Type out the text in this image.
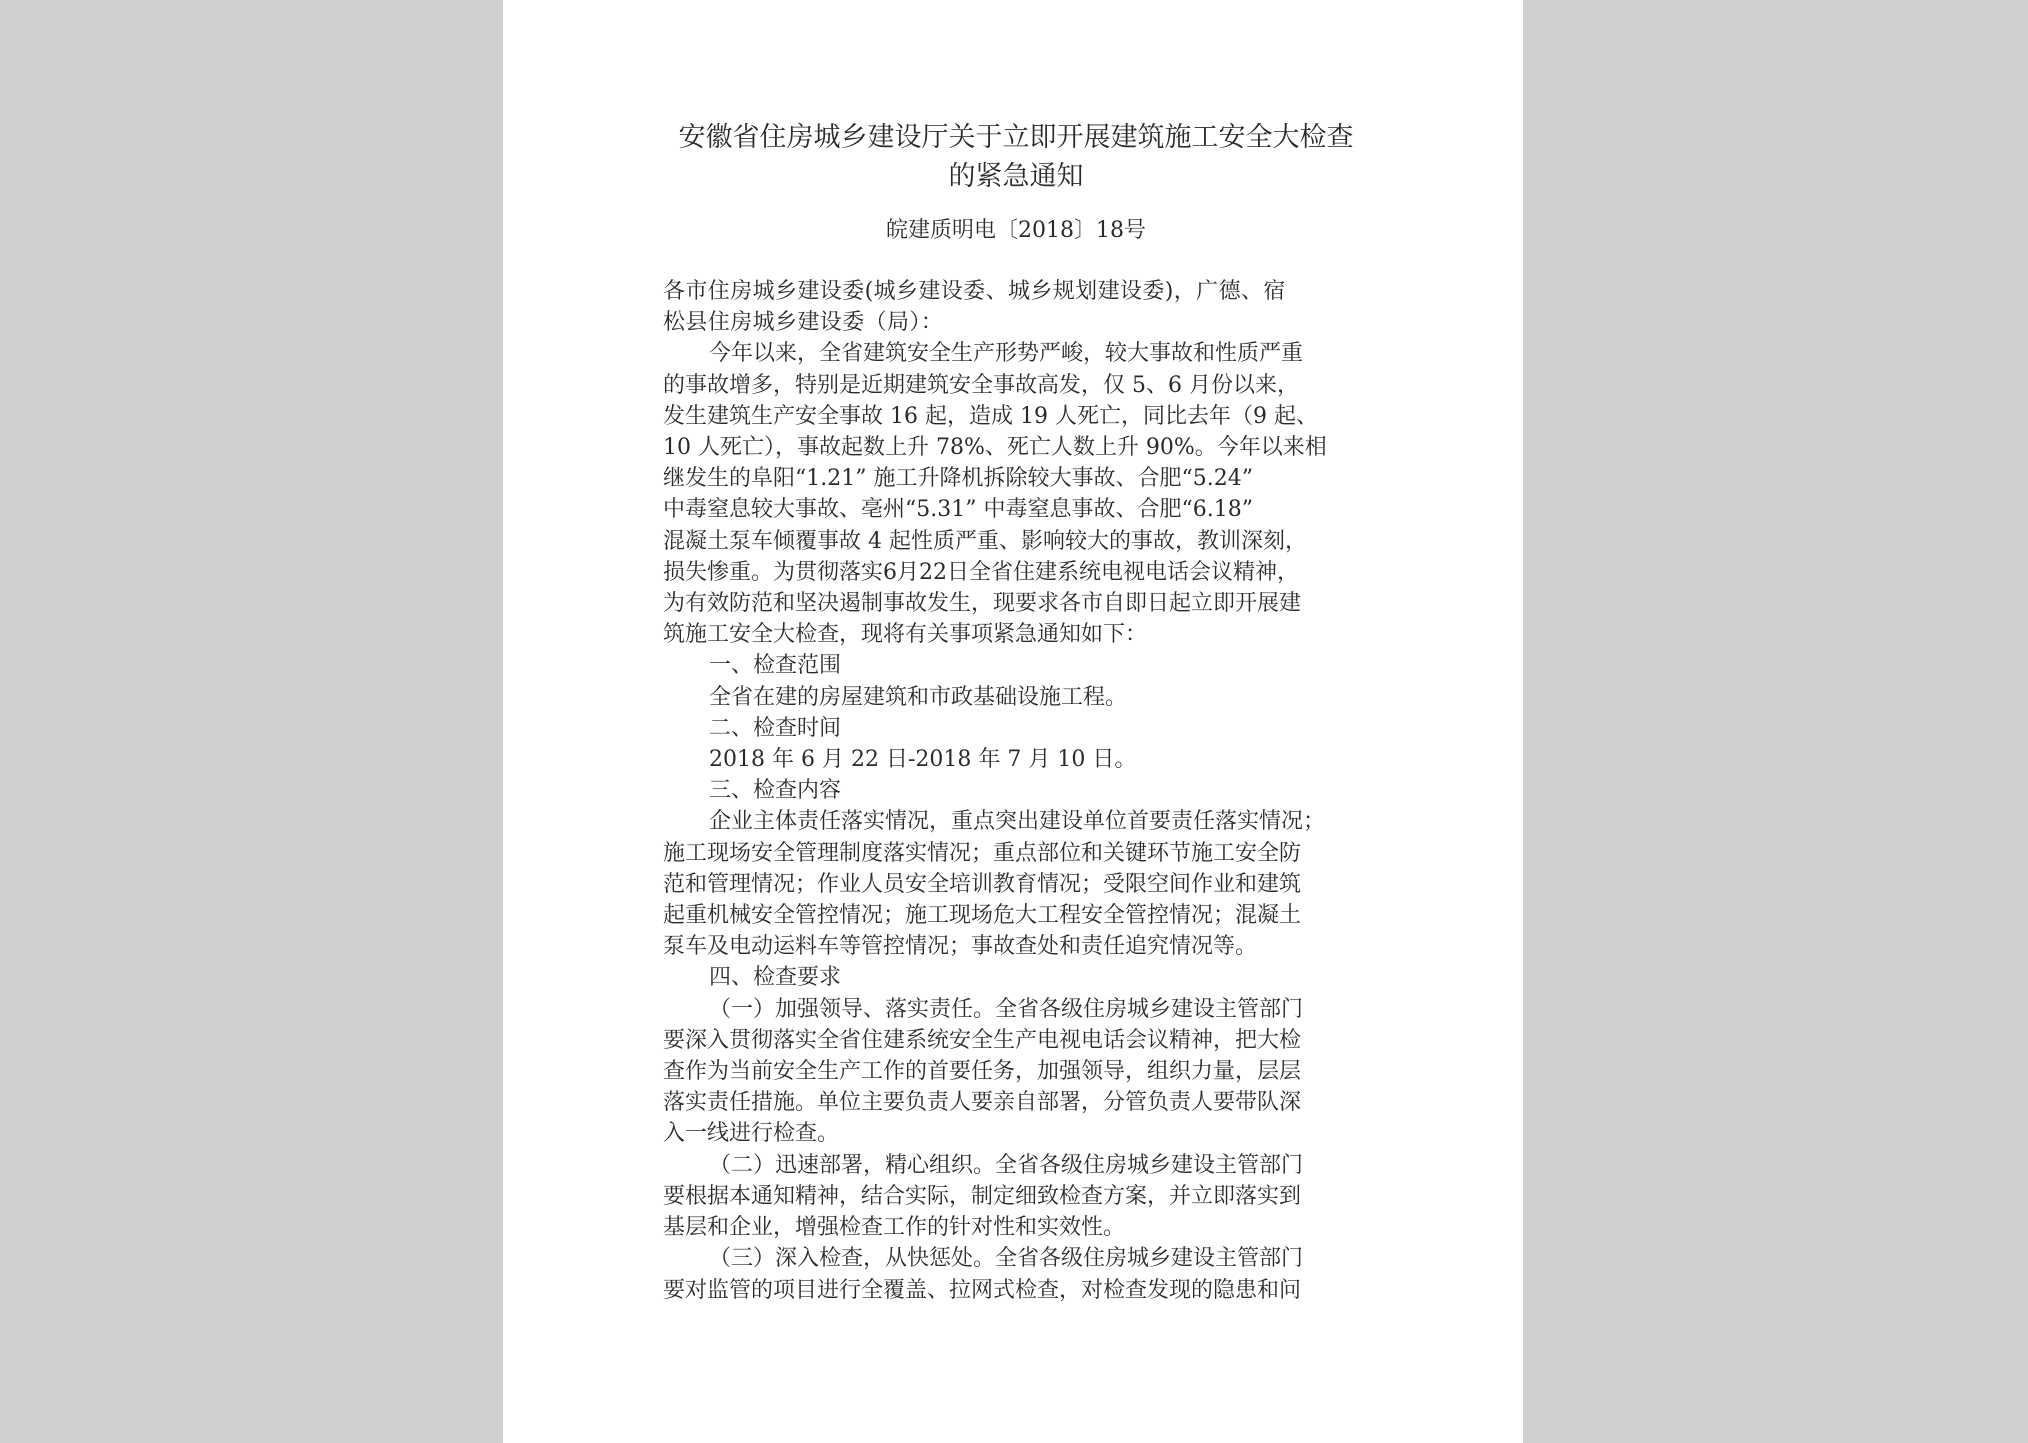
安徽省住房城乡建设厅关于立即开展建筑施工安全大检查
的紧急通知
皖建质明电〔2018〕18号

各市住房城乡建设委(城乡建设委、城乡规划建设委)，广德、宿

松县住房城乡建设委（局）：

今年以来，全省建筑安全生产形势严峻，较大事故和性质严重

的事故增多，特别是近期建筑安全事故高发，仅 5、6 月份以来，

发生建筑生产安全事故 16 起，造成 19 人死亡，同比去年（9 起、

10 人死亡），事故起数上升 78%、死亡人数上升 90%。今年以来相

继发生的阜阳“1.21” 施工升降机拆除较大事故、合肥“5.24”

中毒窒息较大事故、亳州“5.31” 中毒窒息事故、合肥“6.18”

混凝土泵车倾覆事故 4 起性质严重、影响较大的事故，教训深刻，

损失惨重。为贯彻落实6月22日全省住建系统电视电话会议精神，

为有效防范和坚决遏制事故发生，现要求各市自即日起立即开展建

筑施工安全大检查，现将有关事项紧急通知如下：

一、检查范围

全省在建的房屋建筑和市政基础设施工程。

二、检查时间

2018 年 6 月 22 日-2018 年 7 月 10 日。

三、检查内容

企业主体责任落实情况，重点突出建设单位首要责任落实情况；

施工现场安全管理制度落实情况；重点部位和关键环节施工安全防

范和管理情况；作业人员安全培训教育情况；受限空间作业和建筑

起重机械安全管控情况；施工现场危大工程安全管控情况；混凝土

泵车及电动运料车等管控情况；事故查处和责任追究情况等。

四、检查要求

（一）加强领导、落实责任。全省各级住房城乡建设主管部门

要深入贯彻落实全省住建系统安全生产电视电话会议精神，把大检

查作为当前安全生产工作的首要任务，加强领导，组织力量，层层

落实责任措施。单位主要负责人要亲自部署，分管负责人要带队深

入一线进行检查。

（二）迅速部署，精心组织。全省各级住房城乡建设主管部门

要根据本通知精神，结合实际，制定细致检查方案，并立即落实到

基层和企业，增强检查工作的针对性和实效性。

（三）深入检查，从快惩处。全省各级住房城乡建设主管部门

要对监管的项目进行全覆盖、拉网式检查，对检查发现的隐患和问
